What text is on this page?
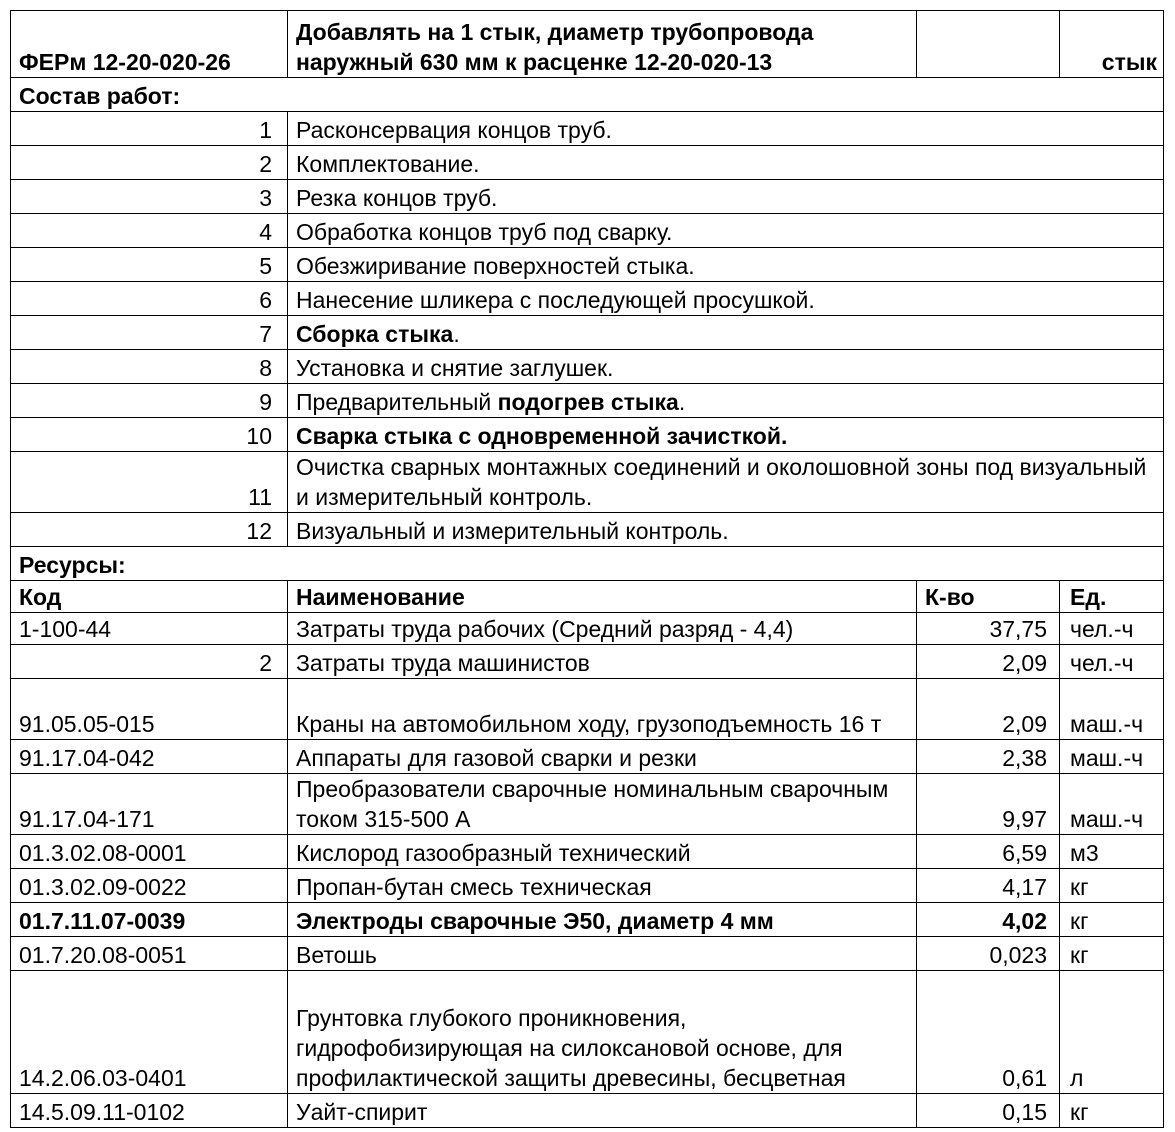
ФЕРм 12-20-020-26	Добавлять на 1 стык, диаметр трубопровода наружный 630 мм к расценке 12-20-020-13		стык
Состав работ:			
1	Расконсервация концов труб.		
2	Комплектование.		
3	Резка концов труб.		
4	Обработка концов труб под сварку.		
5	Обезжиривание поверхностей стыка.		
6	Нанесение шликера с последующей просушкой.		
7	Сборка стыка.		
8	Установка и снятие заглушек.		
9	Предварительный подогрев стыка.		
10	Сварка стыка с одновременной зачисткой.		
11	Очистка сварных монтажных соединений и околошовной зоны под визуальный и измерительный контроль.		
12	Визуальный и измерительный контроль.		
Ресурсы:			
Код	Наименование	К-во	Ед.
1-100-44	Затраты труда рабочих (Средний разряд - 4,4)	37,75	чел.-ч
2	Затраты труда машинистов	2,09	чел.-ч
91.05.05-015	Краны на автомобильном ходу, грузоподъемность 16 т	2,09	маш.-ч
91.17.04-042	Аппараты для газовой сварки и резки	2,38	маш.-ч
91.17.04-171	Преобразователи сварочные номинальным сварочным током 315-500 А	9,97	маш.-ч
01.3.02.08-0001	Кислород газообразный технический	6,59	м3
01.3.02.09-0022	Пропан-бутан смесь техническая	4,17	кг
01.7.11.07-0039	Электроды сварочные Э50, диаметр 4 мм	4,02	кг
01.7.20.08-0051	Ветошь	0,023	кг
14.2.06.03-0401	Грунтовка глубокого проникновения, гидрофобизирующая на силоксановой основе, для профилактической защиты древесины, бесцветная	0,61	л
14.5.09.11-0102	Уайт-спирит	0,15	кг
